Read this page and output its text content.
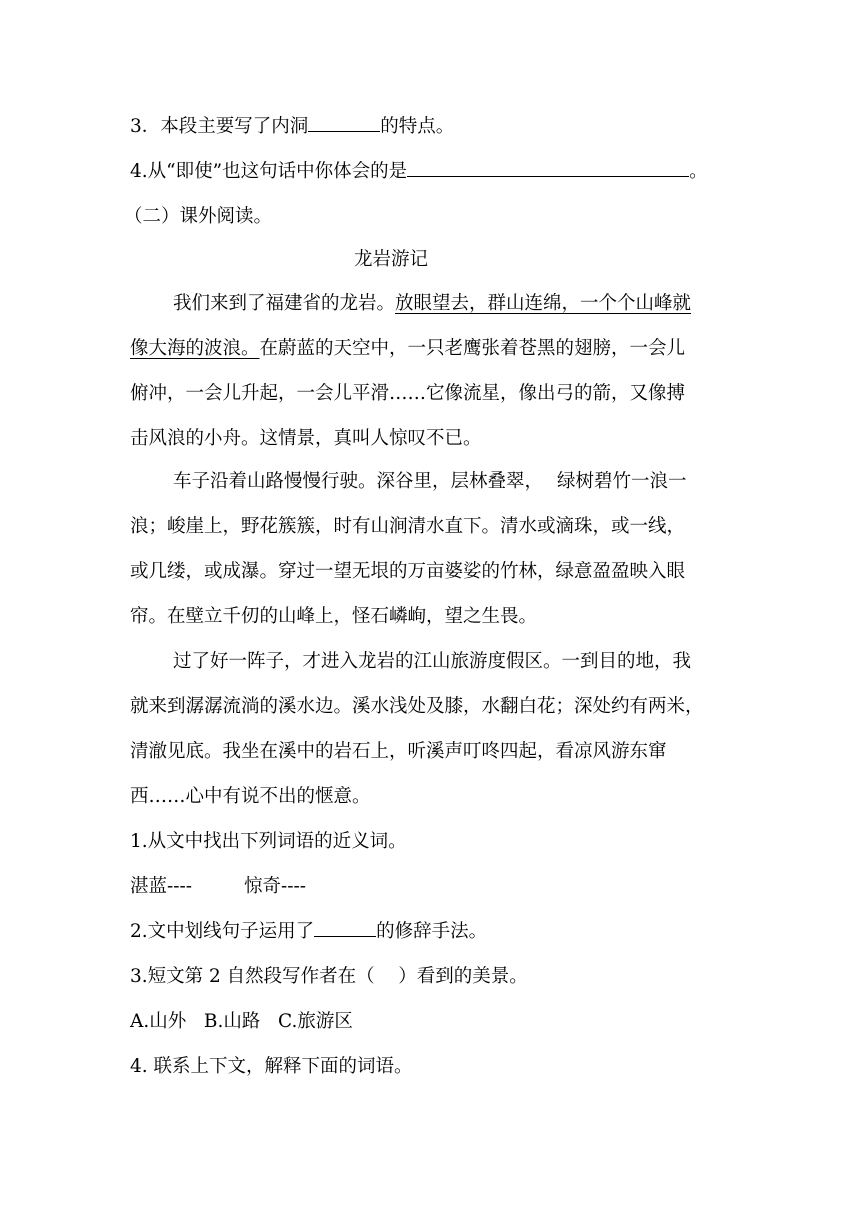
3．本段主要写了内洞	的特点。
4.从“即使”也这句话中你体会的是	。
（二）课外阅读。
龙岩游记
我们来到了福建省的龙岩。放眼望去，群山连绵，一个个山峰就
像大海的波浪。在蔚蓝的天空中，一只老鹰张着苍黑的翅膀，一会儿
俯冲，一会儿升起，一会儿平滑……它像流星，像出弓的箭，又像搏
击风浪的小舟。这情景，真叫人惊叹不已。
车子沿着山路慢慢行驶。深谷里，层林叠翠， 绿树碧竹一浪一
浪；峻崖上，野花簇簇，时有山涧清水直下。清水或滴珠，或一线，
或几缕，或成瀑。穿过一望无垠的万亩婆娑的竹林，绿意盈盈映入眼
帘。在壁立千仞的山峰上，怪石嶙峋，望之生畏。
过了好一阵子，才进入龙岩的江山旅游度假区。一到目的地，我
就来到潺潺流淌的溪水边。溪水浅处及膝，水翻白花；深处约有两米，
清澈见底。我坐在溪中的岩石上，听溪声叮咚四起，看凉风游东窜
西……心中有说不出的惬意。
1.从文中找出下列词语的近义词。
湛蓝----	惊奇----
2.文中划线句子运用了	的修辞手法。
3.短文第 2 自然段写作者在（    ）看到的美景。
A.山外   B.山路   C.旅游区
4. 联系上下文，解释下面的词语。
